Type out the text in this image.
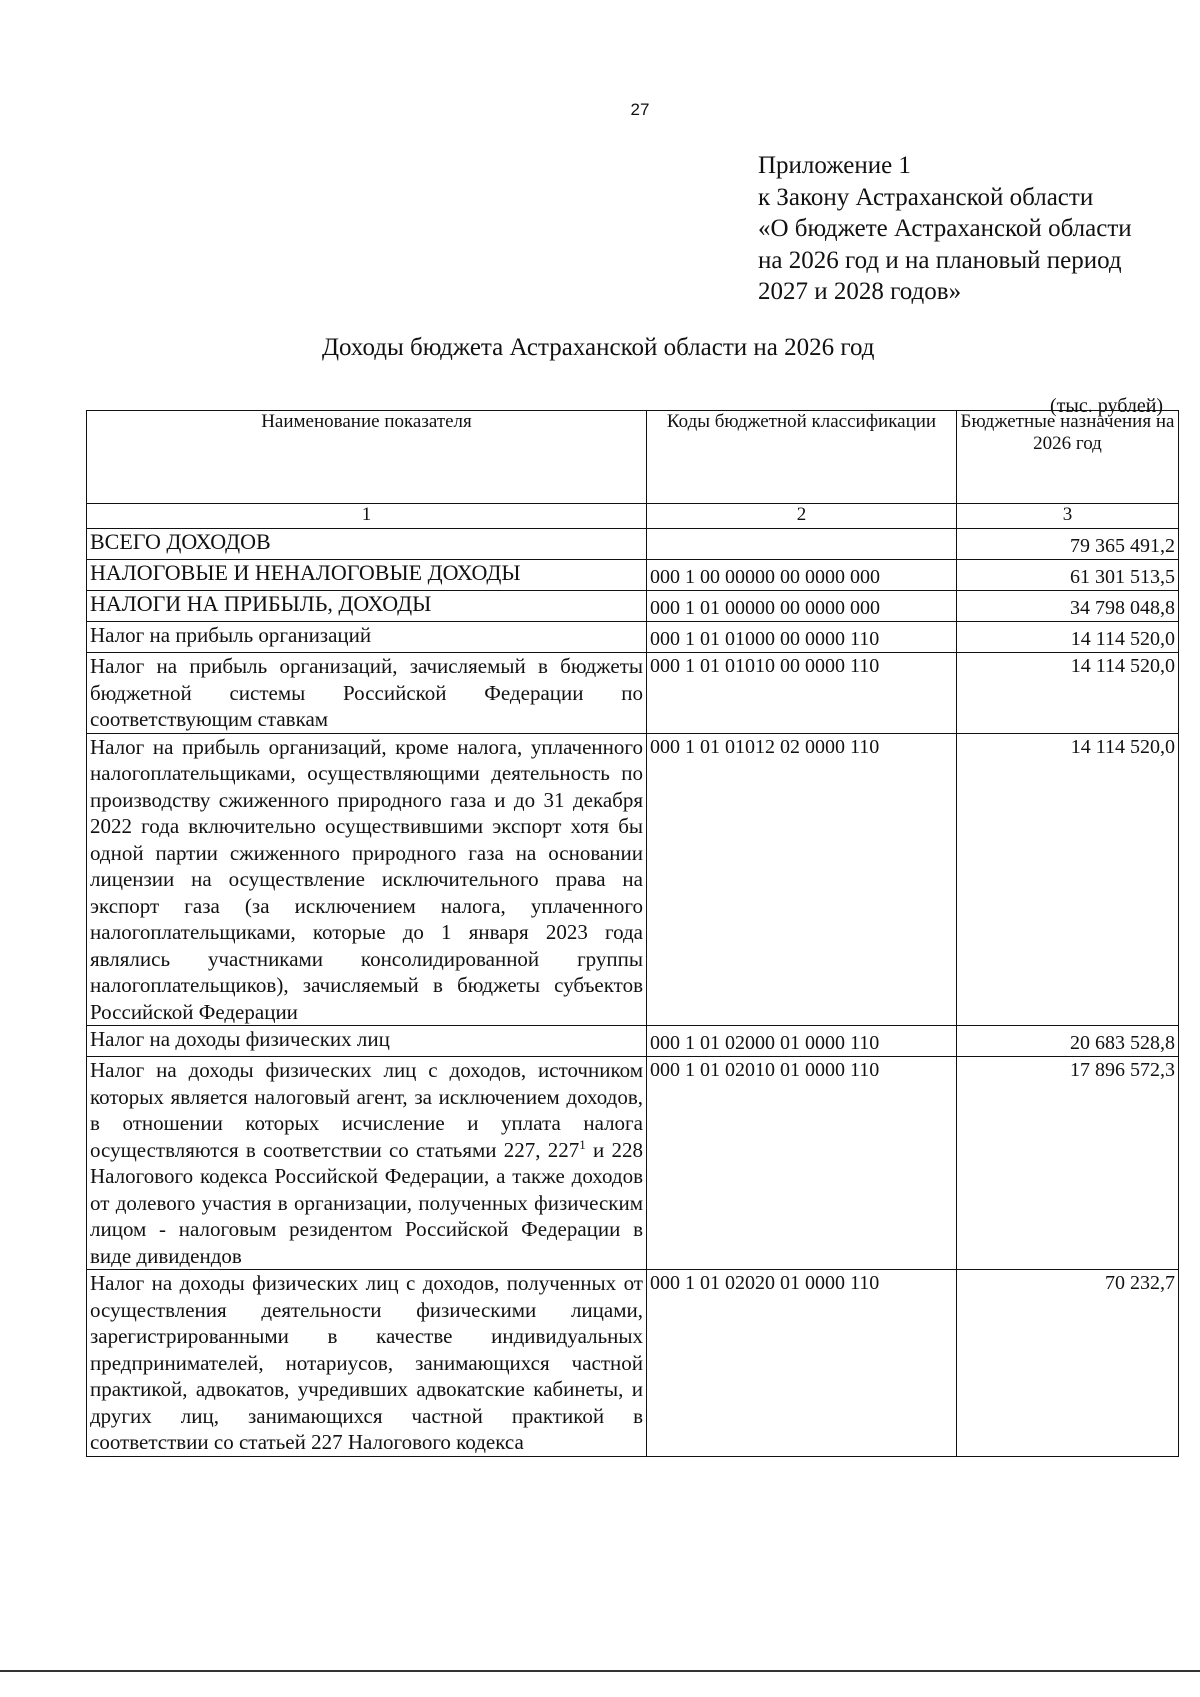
27
Приложение 1
к Закону Астраханской области
«О бюджете Астраханской области
на 2026 год и на плановый период
2027 и 2028 годов»
Доходы бюджета Астраханской области на 2026 год
(тыс. рублей)
Наименование показателя	Коды бюджетной классификации	Бюджетные назначения на 2026 год
1	2	3
ВСЕГО ДОХОДОВ		79 365 491,2
НАЛОГОВЫЕ И НЕНАЛОГОВЫЕ ДОХОДЫ	000 1 00 00000 00 0000 000	61 301 513,5
НАЛОГИ НА ПРИБЫЛЬ, ДОХОДЫ	000 1 01 00000 00 0000 000	34 798 048,8
Налог на прибыль организаций	000 1 01 01000 00 0000 110	14 114 520,0
Налог на прибыль организаций, зачисляемый в бюджеты бюджетной системы Российской Федерации по соответствующим ставкам	000 1 01 01010 00 0000 110	14 114 520,0
Налог на прибыль организаций, кроме налога, уплаченного налогоплательщиками, осуществляющими деятельность по производству сжиженного природного газа и до 31 декабря 2022 года включительно осуществившими экспорт хотя бы одной партии сжиженного природного газа на основании лицензии на осуществление исключительного права на экспорт газа (за исключением налога, уплаченного налогоплательщиками, которые до 1 января 2023 года являлись участниками консолидированной группы налогоплательщиков), зачисляемый в бюджеты субъектов Российской Федерации	000 1 01 01012 02 0000 110	14 114 520,0
Налог на доходы физических лиц	000 1 01 02000 01 0000 110	20 683 528,8
Налог на доходы физических лиц с доходов, источником которых является налоговый агент, за исключением доходов, в отношении которых исчисление и уплата налога осуществляются в соответствии со статьями 227, $227^1$ и 228 Налогового кодекса Российской Федерации, а также доходов от долевого участия в организации, полученных физическим лицом - налоговым резидентом Российской Федерации в виде дивидендов	000 1 01 02010 01 0000 110	17 896 572,3
Налог на доходы физических лиц с доходов, полученных от осуществления деятельности физическими лицами, зарегистрированными в качестве индивидуальных предпринимателей, нотариусов, занимающихся частной практикой, адвокатов, учредивших адвокатские кабинеты, и других лиц, занимающихся частной практикой в соответствии со статьей 227 Налогового кодекса	000 1 01 02020 01 0000 110	70 232,7
